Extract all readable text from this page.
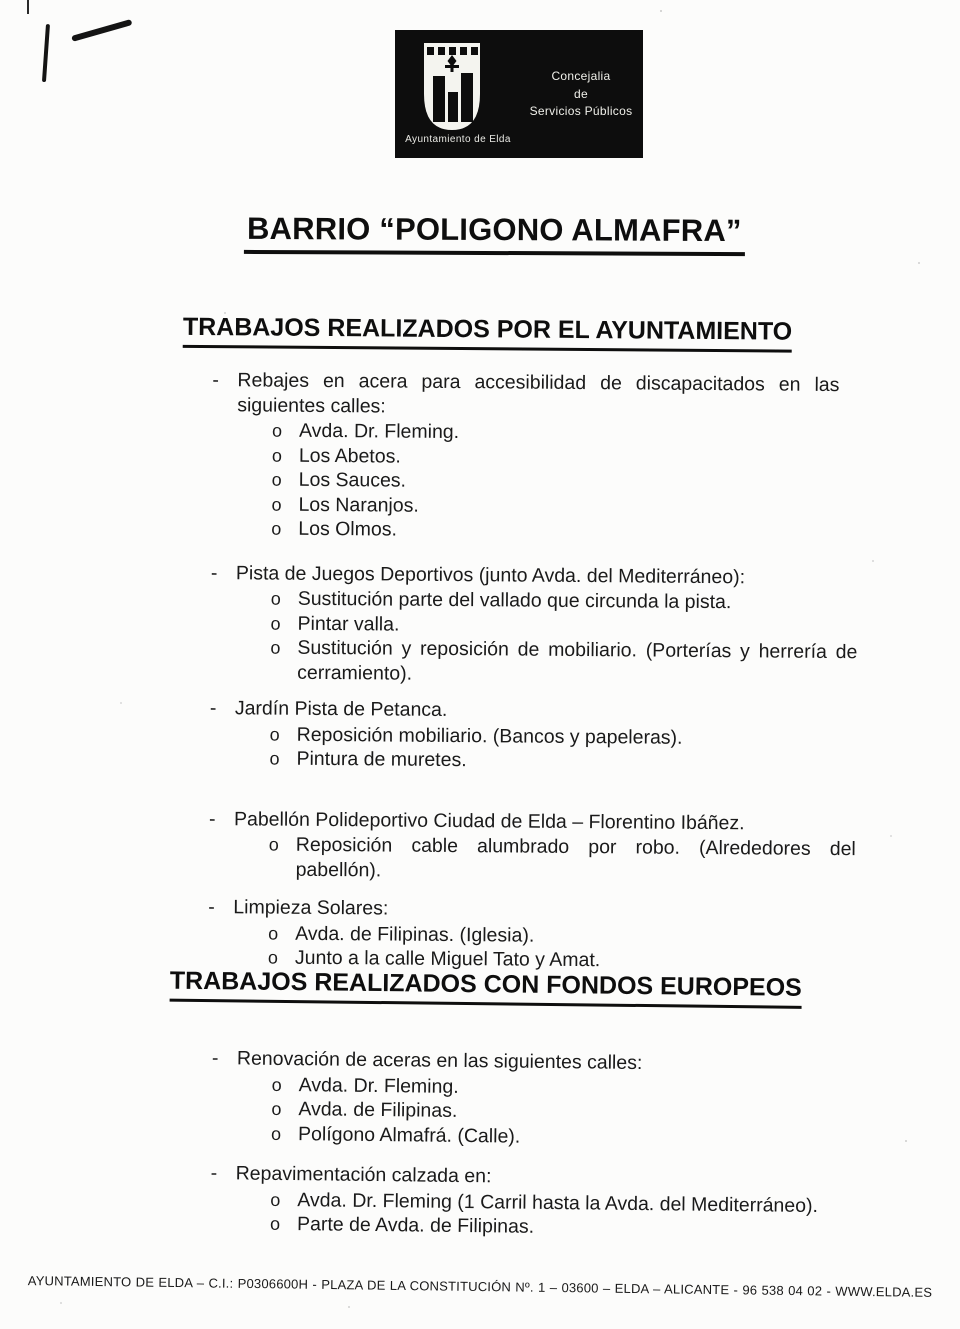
Ayuntamiento de Elda
Concejalia
de
Servicios Públicos
BARRIO “POLIGONO ALMAFRA”
TRABAJOS REALIZADOS POR EL AYUNTAMIENTO
- Rebajes en acera para accesibilidad de discapacitados en las siguientes calles:
o Avda. Dr. Fleming.
o Los Abetos.
o Los Sauces.
o Los Naranjos.
o Los Olmos.
- Pista de Juegos Deportivos (junto Avda. del Mediterráneo):
o Sustitución parte del vallado que circunda la pista.
o Pintar valla.
o Sustitución y reposición de mobiliario. (Porterías y herrería de cerramiento).
- Jardín Pista de Petanca.
o Reposición mobiliario. (Bancos y papeleras).
o Pintura de muretes.
- Pabellón Polideportivo Ciudad de Elda – Florentino Ibáñez.
o Reposición cable alumbrado por robo. (Alrededores del pabellón).
- Limpieza Solares:
o Avda. de Filipinas. (Iglesia).
o Junto a la calle Miguel Tato y Amat.
TRABAJOS REALIZADOS CON FONDOS EUROPEOS
- Renovación de aceras en las siguientes calles:
o Avda. Dr. Fleming.
o Avda. de Filipinas.
o Polígono Almafrá. (Calle).
- Repavimentación calzada en:
o Avda. Dr. Fleming (1 Carril hasta la Avda. del Mediterráneo).
o Parte de Avda. de Filipinas.
AYUNTAMIENTO DE ELDA – C.I.: P0306600H - PLAZA DE LA CONSTITUCIÓN Nº. 1 – 03600 – ELDA – ALICANTE - 96 538 04 02 - WWW.ELDA.ES
